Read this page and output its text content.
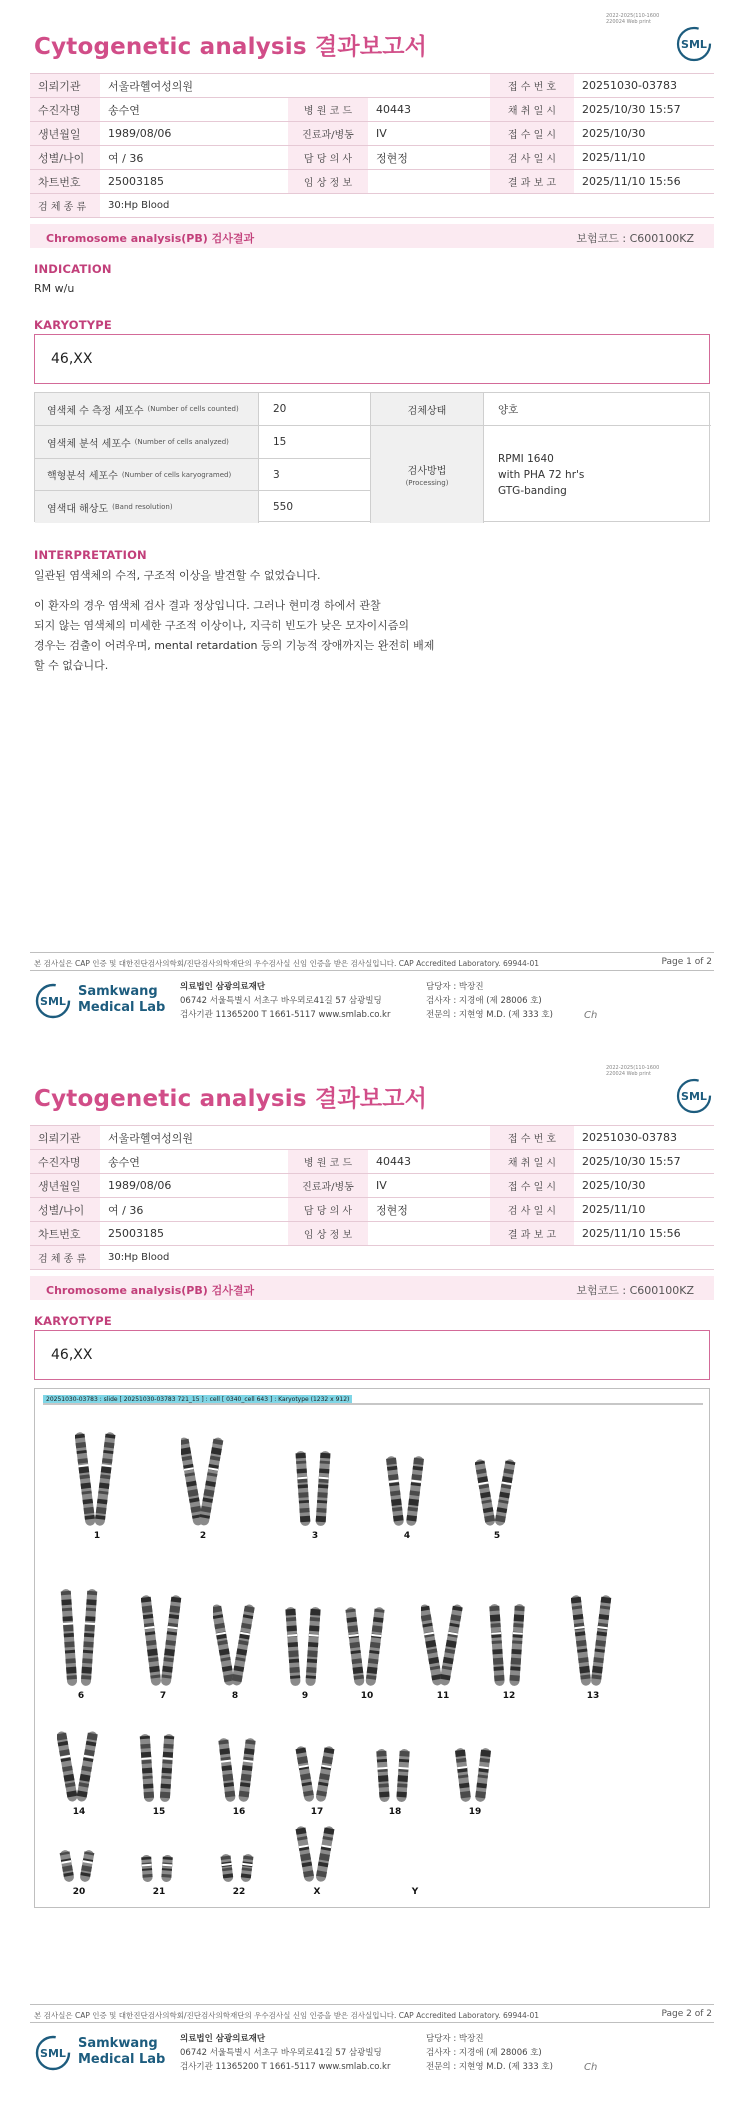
2022-2025(110-1600
220024 Web print
Cytogenetic analysis 결과보고서	SML
의뢰기관	서울라헬여성의원			접 수 번 호	20251030-03783
수진자명	송수연	병 원 코 드	40443	채 취 일 시	2025/10/30 15:57
생년월일	1989/08/06	진료과/병동	IV	접 수 일 시	2025/10/30
성별/나이	여 / 36	담 당 의 사	정현정	검 사 일 시	2025/11/10
차트번호	25003185	임 상 정 보		결 과 보 고	2025/11/10 15:56
검 체 종 류	30:Hp Blood				
Chromosome analysis(PB) 검사결과	보험코드 : C600100KZ
INDICATION
RM w/u
KARYOTYPE
46,XX
염색체 수 측정 세포수 (Number of cells counted)	20	검체상태	양호
염색체 분석 세포수 (Number of cells analyzed)	15
검사방법
(Processing)
RPMI 1640
with PHA 72 hr's
GTG-banding
핵형분석 세포수 (Number of cells karyogramed)	3
염색대 해상도 (Band resolution)	550
INTERPRETATION

일관된 염색체의 수적, 구조적 이상을 발견할 수 없었습니다.

이 환자의 경우 염색체 검사 결과 정상입니다. 그러나 현미경 하에서 관찰

되지 않는 염색체의 미세한 구조적 이상이나, 지극히 빈도가 낮은 모자이시즘의

경우는 검출이 어려우며, mental retardation 등의 기능적 장애까지는 완전히 배제

할 수 없습니다.

본 검사실은 CAP 인증 및 대한진단검사의학회/진단검사의학재단의 우수검사실 신임 인증을 받은 검사실입니다. CAP Accredited Laboratory. 69944-01	Page 1 of 2
SML
Samkwang
Medical Lab
의료법인 삼광의료재단
06742 서울특별시 서초구 바우뫼로41길 57 삼광빌딩
검사기관 11365200 T 1661-5117 www.smlab.co.kr
담당자 : 박장진
검사자 : 지경애 (제 28006 호)
전문의 : 지현영 M.D. (제 333 호)	Ch
2022-2025(110-1600
220024 Web print
Cytogenetic analysis 결과보고서	SML
의뢰기관	서울라헬여성의원			접 수 번 호	20251030-03783
수진자명	송수연	병 원 코 드	40443	채 취 일 시	2025/10/30 15:57
생년월일	1989/08/06	진료과/병동	IV	접 수 일 시	2025/10/30
성별/나이	여 / 36	담 당 의 사	정현정	검 사 일 시	2025/11/10
차트번호	25003185	임 상 정 보		결 과 보 고	2025/11/10 15:56
검 체 종 류	30:Hp Blood				
Chromosome analysis(PB) 검사결과	보험코드 : C600100KZ
KARYOTYPE
46,XX
20251030-03783 : slide [ 20251030-03783 721_15 ] : cell [ 0340_cell 643 ] : Karyotype (1232 x 912)
1	2	3	4	5
6	7	8	9	10	11	12	13
14	15	16	17	18	19
20	21	22	X	Y
본 검사실은 CAP 인증 및 대한진단검사의학회/진단검사의학재단의 우수검사실 신임 인증을 받은 검사실입니다. CAP Accredited Laboratory. 69944-01	Page 2 of 2
SML
Samkwang
Medical Lab
의료법인 삼광의료재단
06742 서울특별시 서초구 바우뫼로41길 57 삼광빌딩
검사기관 11365200 T 1661-5117 www.smlab.co.kr
담당자 : 박장진
검사자 : 지경애 (제 28006 호)
전문의 : 지현영 M.D. (제 333 호)	Ch
